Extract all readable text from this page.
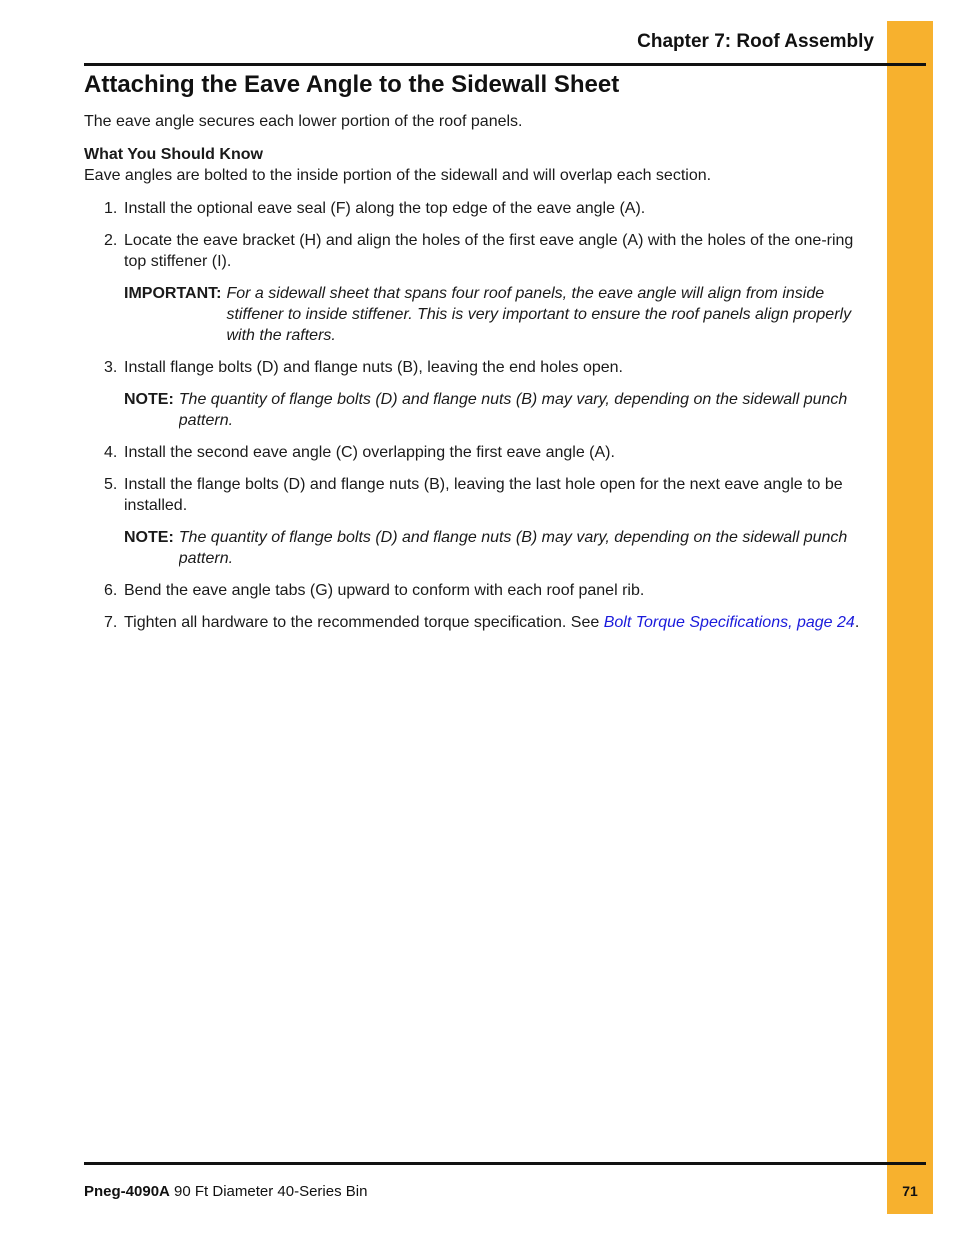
Chapter 7: Roof Assembly
Attaching the Eave Angle to the Sidewall Sheet

The eave angle secures each lower portion of the roof panels.

What You Should Know

Eave angles are bolted to the inside portion of the sidewall and will overlap each section.

1. Install the optional eave seal (F) along the top edge of the eave angle (A).
2. Locate the eave bracket (H) and align the holes of the first eave angle (A) with the holes of the one-ring top stiffener (I).
IMPORTANT: For a sidewall sheet that spans four roof panels, the eave angle will align from inside stiffener to inside stiffener. This is very important to ensure the roof panels align properly with the rafters.
3. Install flange bolts (D) and flange nuts (B), leaving the end holes open.
NOTE: The quantity of flange bolts (D) and flange nuts (B) may vary, depending on the sidewall punch pattern.
4. Install the second eave angle (C) overlapping the first eave angle (A).
5. Install the flange bolts (D) and flange nuts (B), leaving the last hole open for the next eave angle to be installed.
NOTE: The quantity of flange bolts (D) and flange nuts (B) may vary, depending on the sidewall punch pattern.
6. Bend the eave angle tabs (G) upward to conform with each roof panel rib.
7. Tighten all hardware to the recommended torque specification. See Bolt Torque Specifications, page 24.
Pneg-4090A 90 Ft Diameter 40-Series Bin	71
